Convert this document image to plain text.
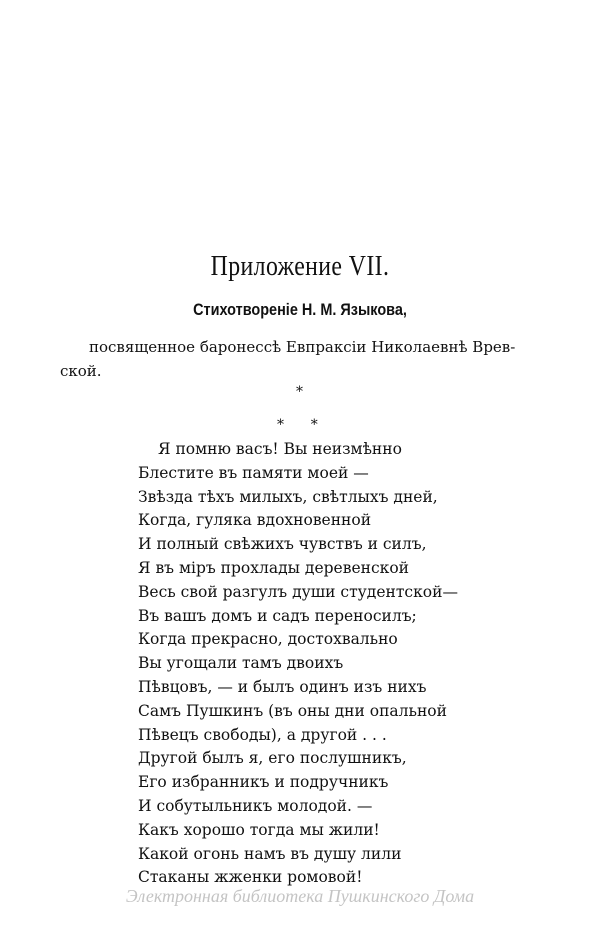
Приложение VII.
Стихотвореніе Н. М. Языкова,
посвященное баронессѣ Евпраксіи Николаевнѣ Врев-
ской.
*
*      *
Я помню васъ! Вы неизмѣнно
Блестите въ памяти моей —
Звѣзда тѣхъ милыхъ, свѣтлыхъ дней,
Когда, гуляка вдохновенной
И полный свѣжихъ чувствъ и силъ,
Я въ міръ прохлады деревенской
Весь свой разгулъ души студентской—
Въ вашъ домъ и садъ переносилъ;
Когда прекрасно, достохвально
Вы угощали тамъ двоихъ
Пѣвцовъ, — и былъ одинъ изъ нихъ
Самъ Пушкинъ (въ оны дни опальной
Пѣвецъ свободы), а другой . . .
Другой былъ я, его послушникъ,
Его избранникъ и подручникъ
И собутыльникъ молодой. —
Какъ хорошо тогда мы жили!
Какой огонь намъ въ душу лили
Стаканы жженки ромовой!
Электронная библиотека Пушкинского Дома
